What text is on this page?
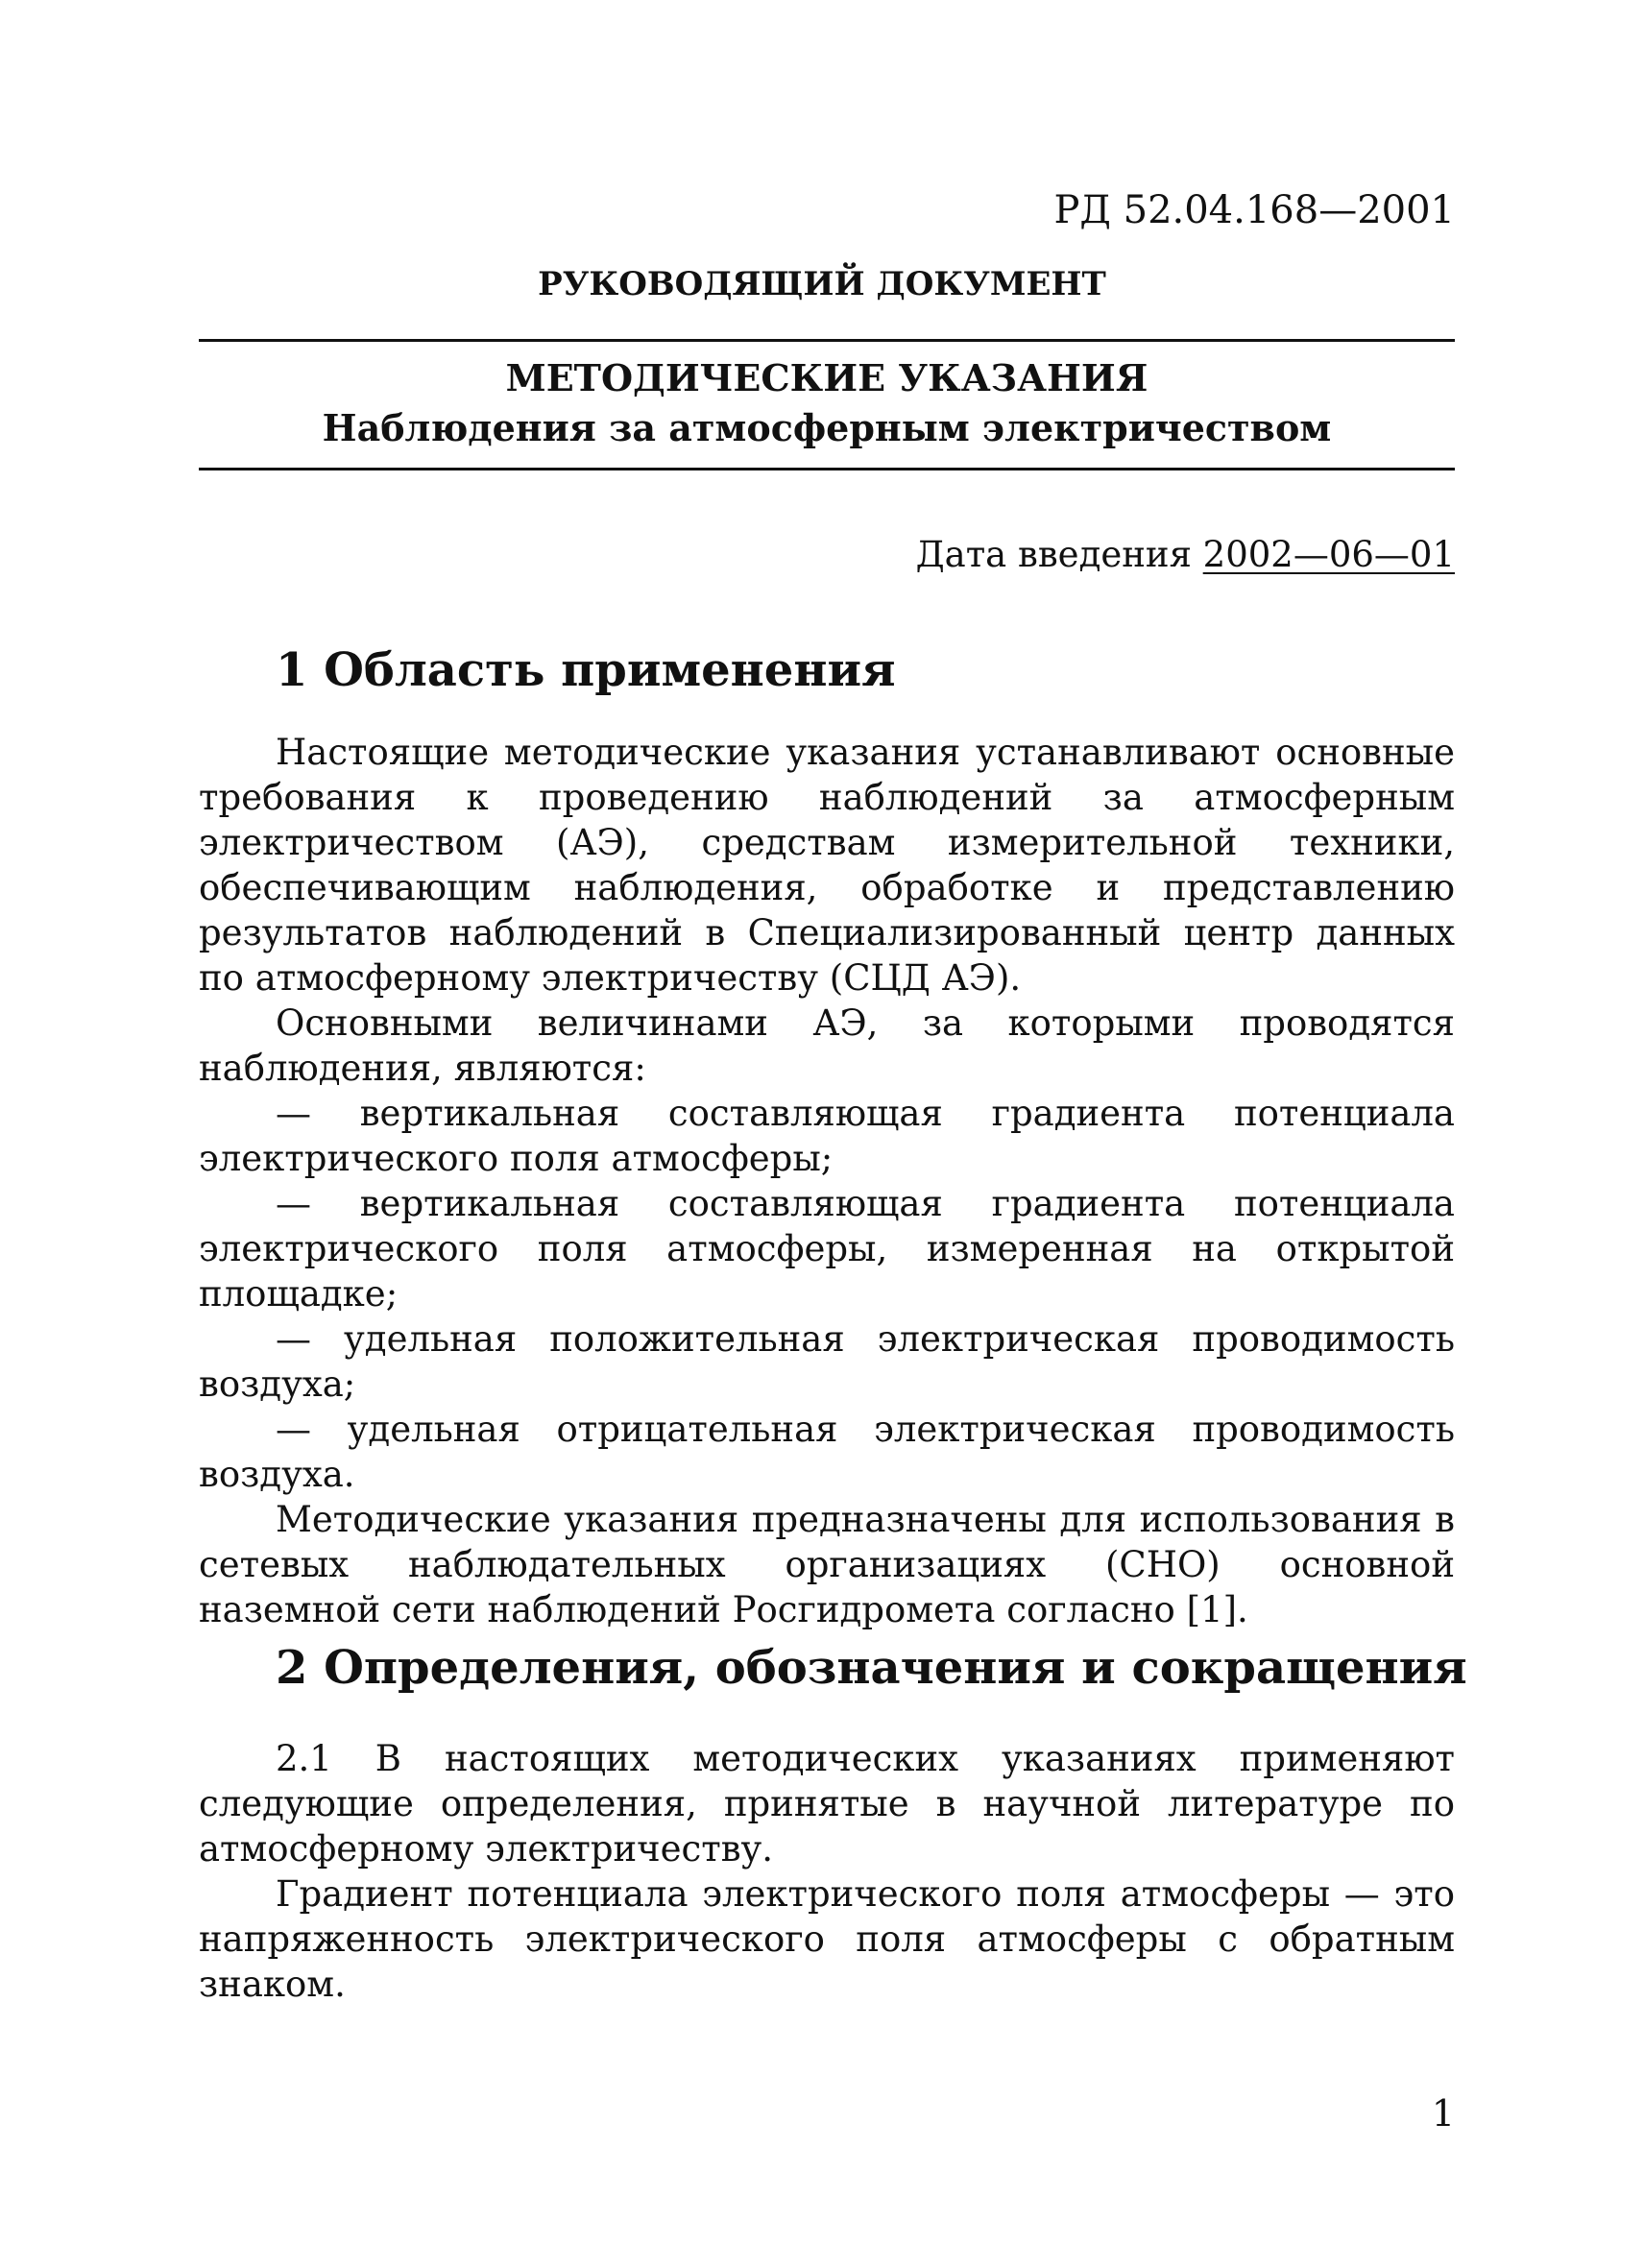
РД 52.04.168—2001

РУКОВОДЯЩИЙ ДОКУМЕНТ

МЕТОДИЧЕСКИЕ УКАЗАНИЯ
Наблюдения за атмосферным электричеством

Дата введения 2002—06—01

1 Область применения

Настоящие методические указания устанавливают основные требования к проведению наблюдений за атмосферным электричеством (АЭ), средствам измерительной техники, обеспечивающим наблюдения, обработке и представлению результатов наблюдений в Специализированный центр данных по атмосферному электричеству (СЦД АЭ).

Основными величинами АЭ, за которыми проводятся наблюдения, являются:

— вертикальная составляющая градиента потенциала электрического поля атмосферы;

— вертикальная составляющая градиента потенциала электрического поля атмосферы, измеренная на открытой площадке;

— удельная положительная электрическая проводимость воздуха;

— удельная отрицательная электрическая проводимость воздуха.

Методические указания предназначены для использования в сетевых наблюдательных организациях (СНО) основной наземной сети наблюдений Росгидромета согласно [1].

2 Определения, обозначения и сокращения

2.1 В настоящих методических указаниях применяют следующие определения, принятые в научной литературе по атмосферному электричеству.

Градиент потенциала электрического поля атмосферы — это напряженность электрического поля атмосферы с обратным знаком.

1
